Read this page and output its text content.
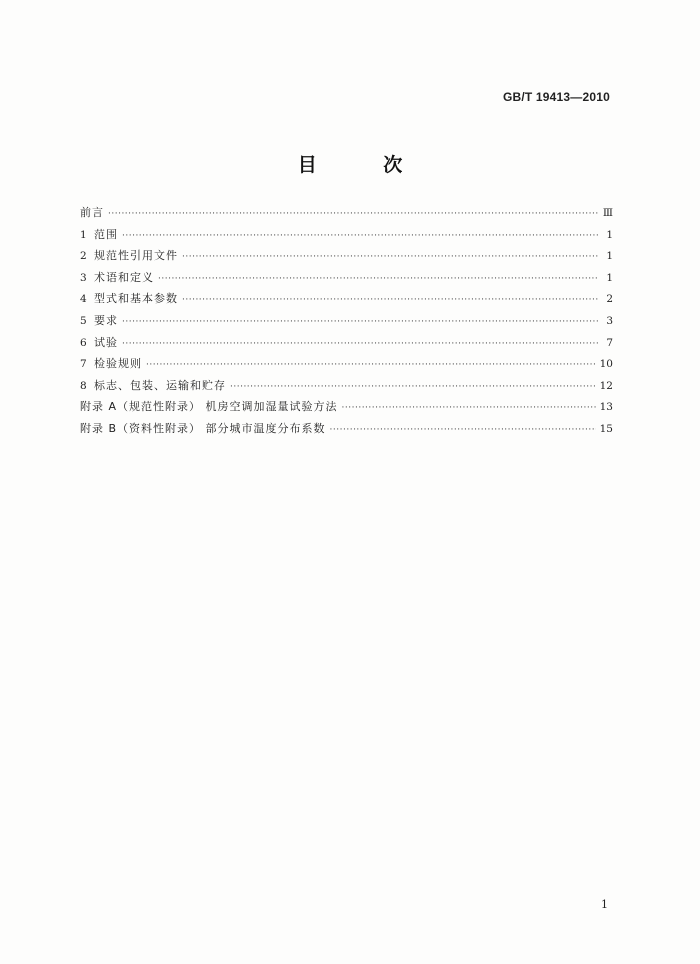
GB/T 19413—2010
目 次
前言 ·····	Ⅲ
1 范围 ·····	1
2 规范性引用文件 ·····	1
3 术语和定义 ·····	1
4 型式和基本参数 ·····	2
5 要求 ·····	3
6 试验 ·····	7
7 检验规则 ·····	10
8 标志、包装、运输和贮存 ·····	12
附录 A（规范性附录） 机房空调加湿量试验方法 ·····	13
附录 B（资料性附录） 部分城市温度分布系数 ·····	15
1
